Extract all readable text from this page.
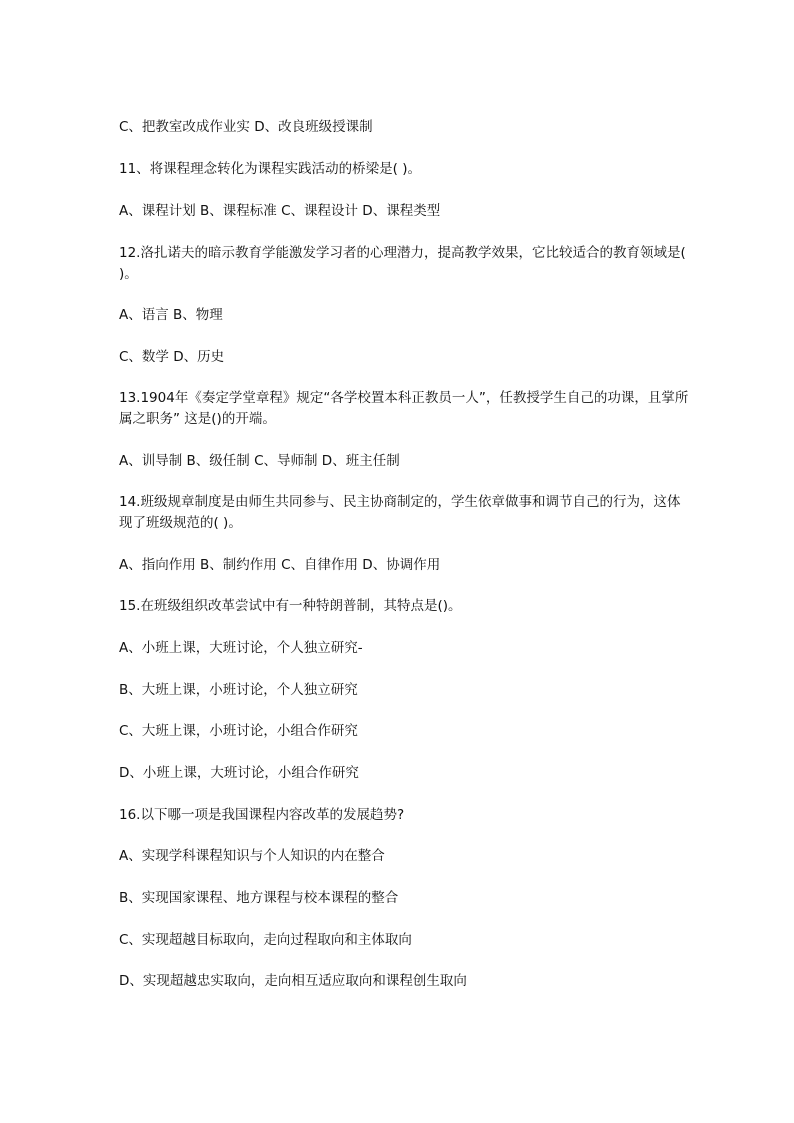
C、把教室改成作业实 D、改良班级授课制
11、将课程理念转化为课程实践活动的桥梁是( )。
A、课程计划 B、课程标准 C、课程设计 D、课程类型
12.洛扎诺夫的暗示教育学能激发学习者的心理潜力，提高教学效果，它比较适合的教育领域是( )。
A、语言 B、物理
C、数学 D、历史
13.1904年《奏定学堂章程》规定“各学校置本科正教员一人”，任教授学生自己的功课，且掌所属之职务” 这是()的开端。
A、训导制 B、级任制 C、导师制 D、班主任制
14.班级规章制度是由师生共同参与、民主协商制定的，学生依章做事和调节自己的行为，这体现了班级规范的( )。
A、指向作用 B、制约作用 C、自律作用 D、协调作用
15.在班级组织改革尝试中有一种特朗普制，其特点是()。
A、小班上课，大班讨论，个人独立研究-
B、大班上课，小班讨论，个人独立研究
C、大班上课，小班讨论，小组合作研究
D、小班上课，大班讨论，小组合作研究
16.以下哪一项是我国课程内容改革的发展趋势?
A、实现学科课程知识与个人知识的内在整合
B、实现国家课程、地方课程与校本课程的整合
C、实现超越目标取向，走向过程取向和主体取向
D、实现超越忠实取向，走向相互适应取向和课程创生取向
